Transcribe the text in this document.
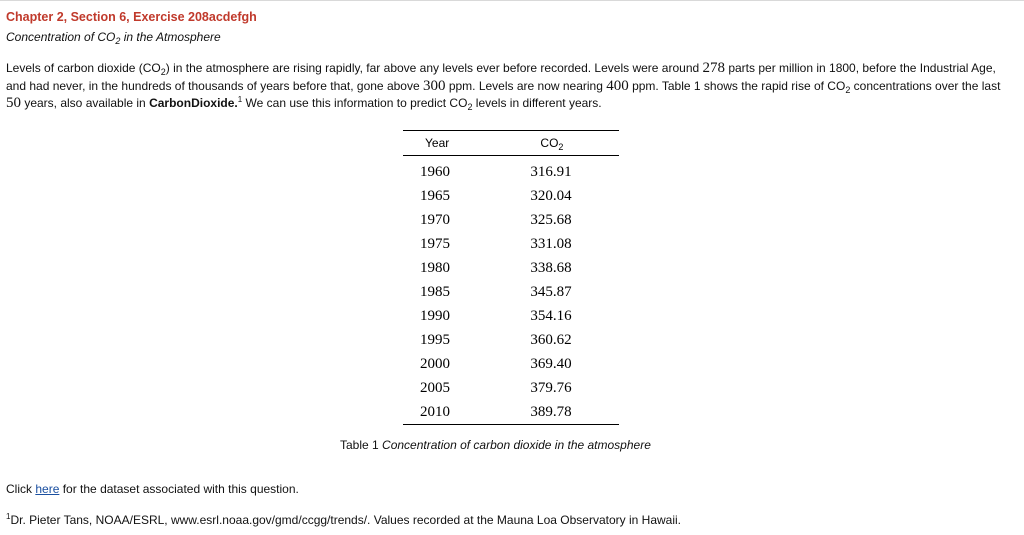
Chapter 2, Section 6, Exercise 208acdefgh
Concentration of $CO_2$ in the Atmosphere
Levels of carbon dioxide $(CO_2)$ in the atmosphere are rising rapidly, far above any levels ever before recorded. Levels were around 278 parts per million in 1800, before the Industrial Age, and had never, in the hundreds of thousands of years before that, gone above 300 ppm. Levels are now nearing 400 ppm. Table 1 shows the rapid rise of $CO_2$ concentrations over the last 50 years, also available in CarbonDioxide.$^1$ We can use this information to predict $CO_2$ levels in different years.
Year	$CO_2$
1960	316.91
1965	320.04
1970	325.68
1975	331.08
1980	338.68
1985	345.87
1990	354.16
1995	360.62
2000	369.40
2005	379.76
2010	389.78
Table 1 Concentration of carbon dioxide in the atmosphere
Click here for the dataset associated with this question.
$^1$Dr. Pieter Tans, NOAA/ESRL, www.esrl.noaa.gov/gmd/ccgg/trends/. Values recorded at the Mauna Loa Observatory in Hawaii.
